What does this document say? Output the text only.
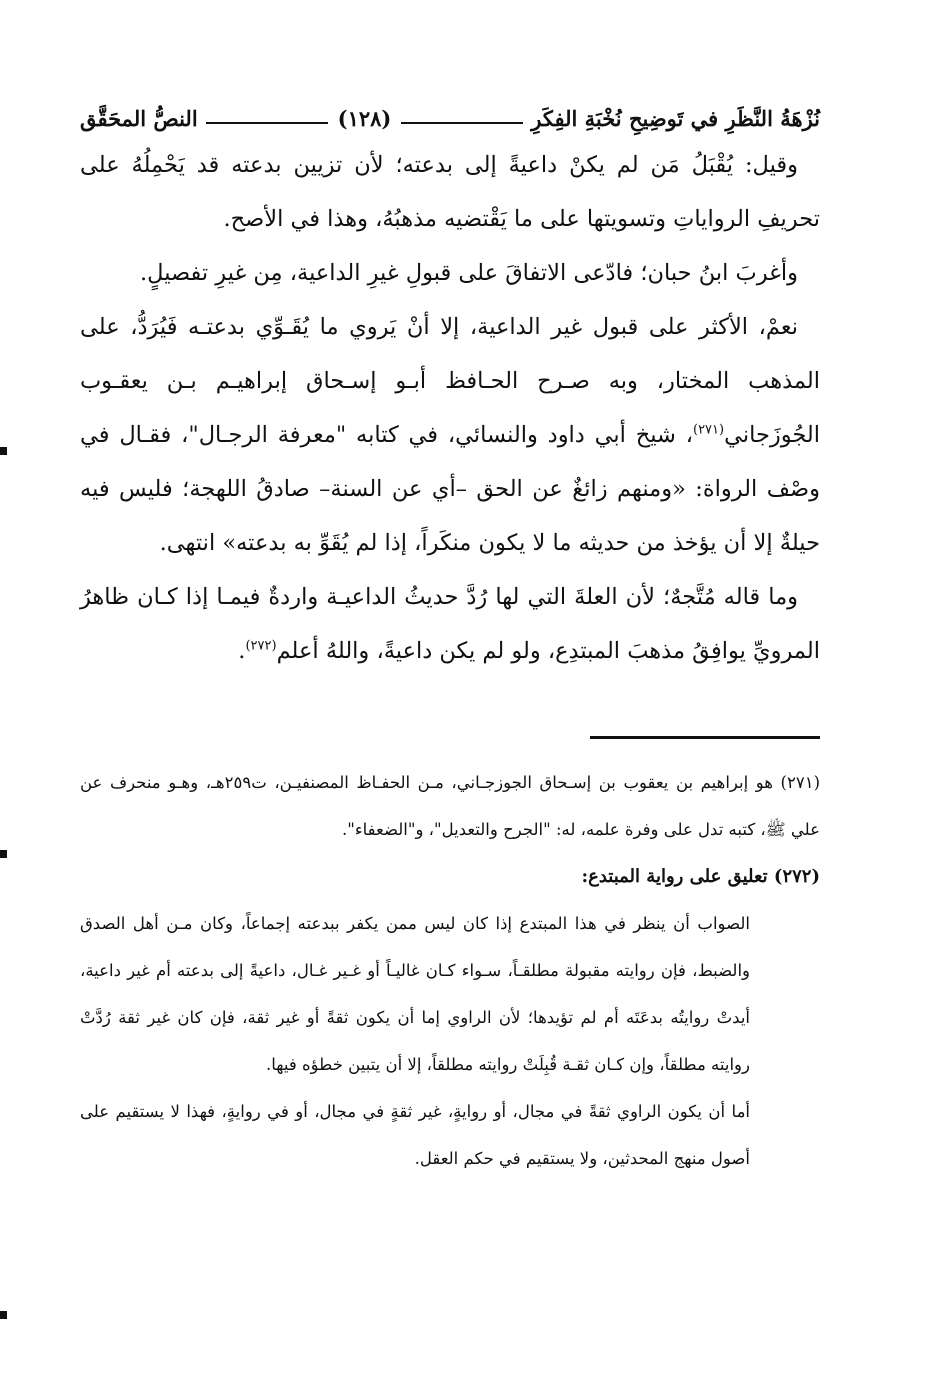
نُزْهَةُ النَّظَرِ في تَوضِيحِ نُخْبَةِ الفِكَرِ
(١٢٨)
النصُّ المحَقَّق

وقيل: يُقْبَلُ مَن لم يكنْ داعيةً إلى بدعته؛ لأن تزيين بدعته قد يَحْمِلُهُ على تحريفِ الرواياتِ وتسويتها على ما يَقْتضيه مذهبُهُ، وهذا في الأصح.

وأغربَ ابنُ حبان؛ فادّعى الاتفاقَ على قبولِ غيرِ الداعية، مِن غيرِ تفصيلٍ.

نعمْ، الأكثر على قبول غير الداعية، إلا أنْ يَروي ما يُقَـوِّي بدعتـه فَيُرَدُّ، على المذهب المختار، وبه صـرح الحـافظ أبـو إسـحاق إبراهيـم بـن يعقـوب الجُوزَجاني$^{(٢٧١)}$، شيخ أبي داود والنسائي، في كتابه "معرفة الرجـال"، فقـال في وصْف الرواة: «ومنهم زائغٌ عن الحق –أي عن السنة– صادقُ اللهجة؛ فليس فيه حيلةٌ إلا أن يؤخذ من حديثه ما لا يكون منكَراً، إذا لم يُقَوِّ به بدعته» انتهى.

وما قاله مُتَّجهٌ؛ لأن العلةَ التي لها رُدَّ حديثُ الداعيـة واردةٌ فيمـا إذا كـان ظاهرُ المرويِّ يوافِقُ مذهبَ المبتدِع، ولو لم يكن داعيةً، واللهُ أعلم$^{(٢٧٢)}$.

(٢٧١) هو إبراهيم بن يعقوب بن إسـحاق الجوزجـاني، مـن الحفـاظ المصنفيـن، ت٢٥٩هـ، وهـو منحرف عن علي ﷺ، كتبه تدل على وفرة علمه، له: "الجرح والتعديل"، و"الضعفاء".

(٢٧٢) تعليق على رواية المبتدع:

الصواب أن ينظر في هذا المبتدع إذا كان ليس ممن يكفر ببدعته إجماعاً، وكان مـن أهل الصدق والضبط، فإن روايته مقبولة مطلقـاً، سـواء كـان غاليـاً أو غـير غـال، داعيةً إلى بدعته أم غير داعية، أيدتْ روايتُه بدعَتَه أم لم تؤيدها؛ لأن الراوي إما أن يكون ثقةً أو غير ثقة، فإن كان غير ثقة رُدَّتْ روايته مطلقاً، وإن كـان ثقـة قُبِلَتْ روايته مطلقاً، إلا أن يتبين خطؤه فيها.

أما أن يكون الراوي ثقةً في مجال، أو روايةٍ، غير ثقةٍ في مجال، أو في روايةٍ، فهذا لا يستقيم على أصول منهج المحدثين، ولا يستقيم في حكم العقل.
